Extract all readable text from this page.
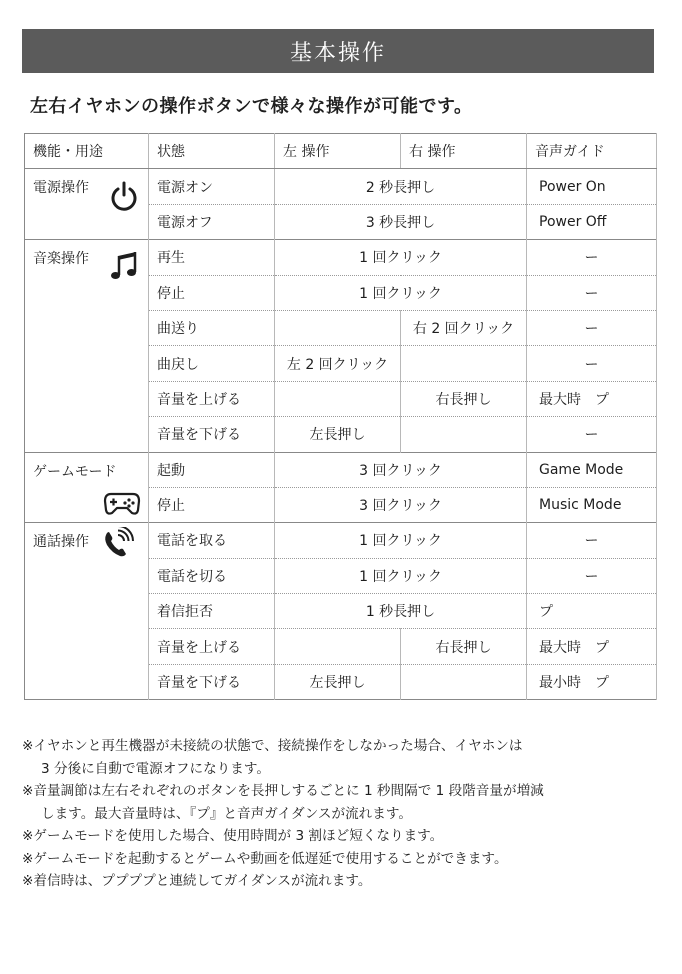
基本操作
左右イヤホンの操作ボタンで様々な操作が可能です。
機能・用途	状態	左 操作	右 操作	音声ガイド
電源操作	電源オン	2 秒長押し		Power On
	電源オフ	3 秒長押し		Power Off
音楽操作	再生	1 回クリック		ー
	停止	1 回クリック		ー
	曲送り		右 2 回クリック	ー
	曲戻し	左 2 回クリック		ー
	音量を上げる		右長押し	最大時　プ
	音量を下げる	左長押し		ー
ゲームモード	起動	3 回クリック		Game Mode
	停止	3 回クリック		Music Mode
通話操作	電話を取る	1 回クリック		ー
	電話を切る	1 回クリック		ー
	着信拒否	1 秒長押し		プ
	音量を上げる		右長押し	最大時　プ
	音量を下げる	左長押し		最小時　プ

※イヤホンと再生機器が未接続の状態で、接続操作をしなかった場合、イヤホンは
3 分後に自動で電源オフになります。

※音量調節は左右それぞれのボタンを長押しするごとに 1 秒間隔で 1 段階音量が増減
します。最大音量時は、『プ』と音声ガイダンスが流れます。

※ゲームモードを使用した場合、使用時間が 3 割ほど短くなります。

※ゲームモードを起動するとゲームや動画を低遅延で使用することができます。

※着信時は、ププププと連続してガイダンスが流れます。
